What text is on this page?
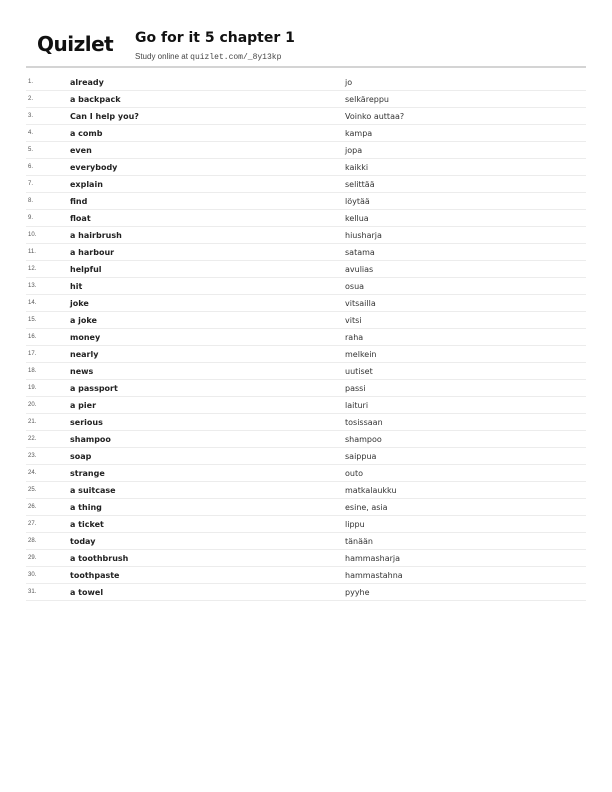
Quizlet Go for it 5 chapter 1
Study online at quizlet.com/_8y13kp
1.	already	jo
2.	a backpack	selkäreppu
3.	Can I help you?	Voinko auttaa?
4.	a comb	kampa
5.	even	jopa
6.	everybody	kaikki
7.	explain	selittää
8.	find	löytää
9.	float	kellua
10.	a hairbrush	hiusharja
11.	a harbour	satama
12.	helpful	avulias
13.	hit	osua
14.	joke	vitsailla
15.	a joke	vitsi
16.	money	raha
17.	nearly	melkein
18.	news	uutiset
19.	a passport	passi
20.	a pier	laituri
21.	serious	tosissaan
22.	shampoo	shampoo
23.	soap	saippua
24.	strange	outo
25.	a suitcase	matkalaukku
26.	a thing	esine, asia
27.	a ticket	lippu
28.	today	tänään
29.	a toothbrush	hammasharja
30.	toothpaste	hammastahna
31.	a towel	pyyhe
